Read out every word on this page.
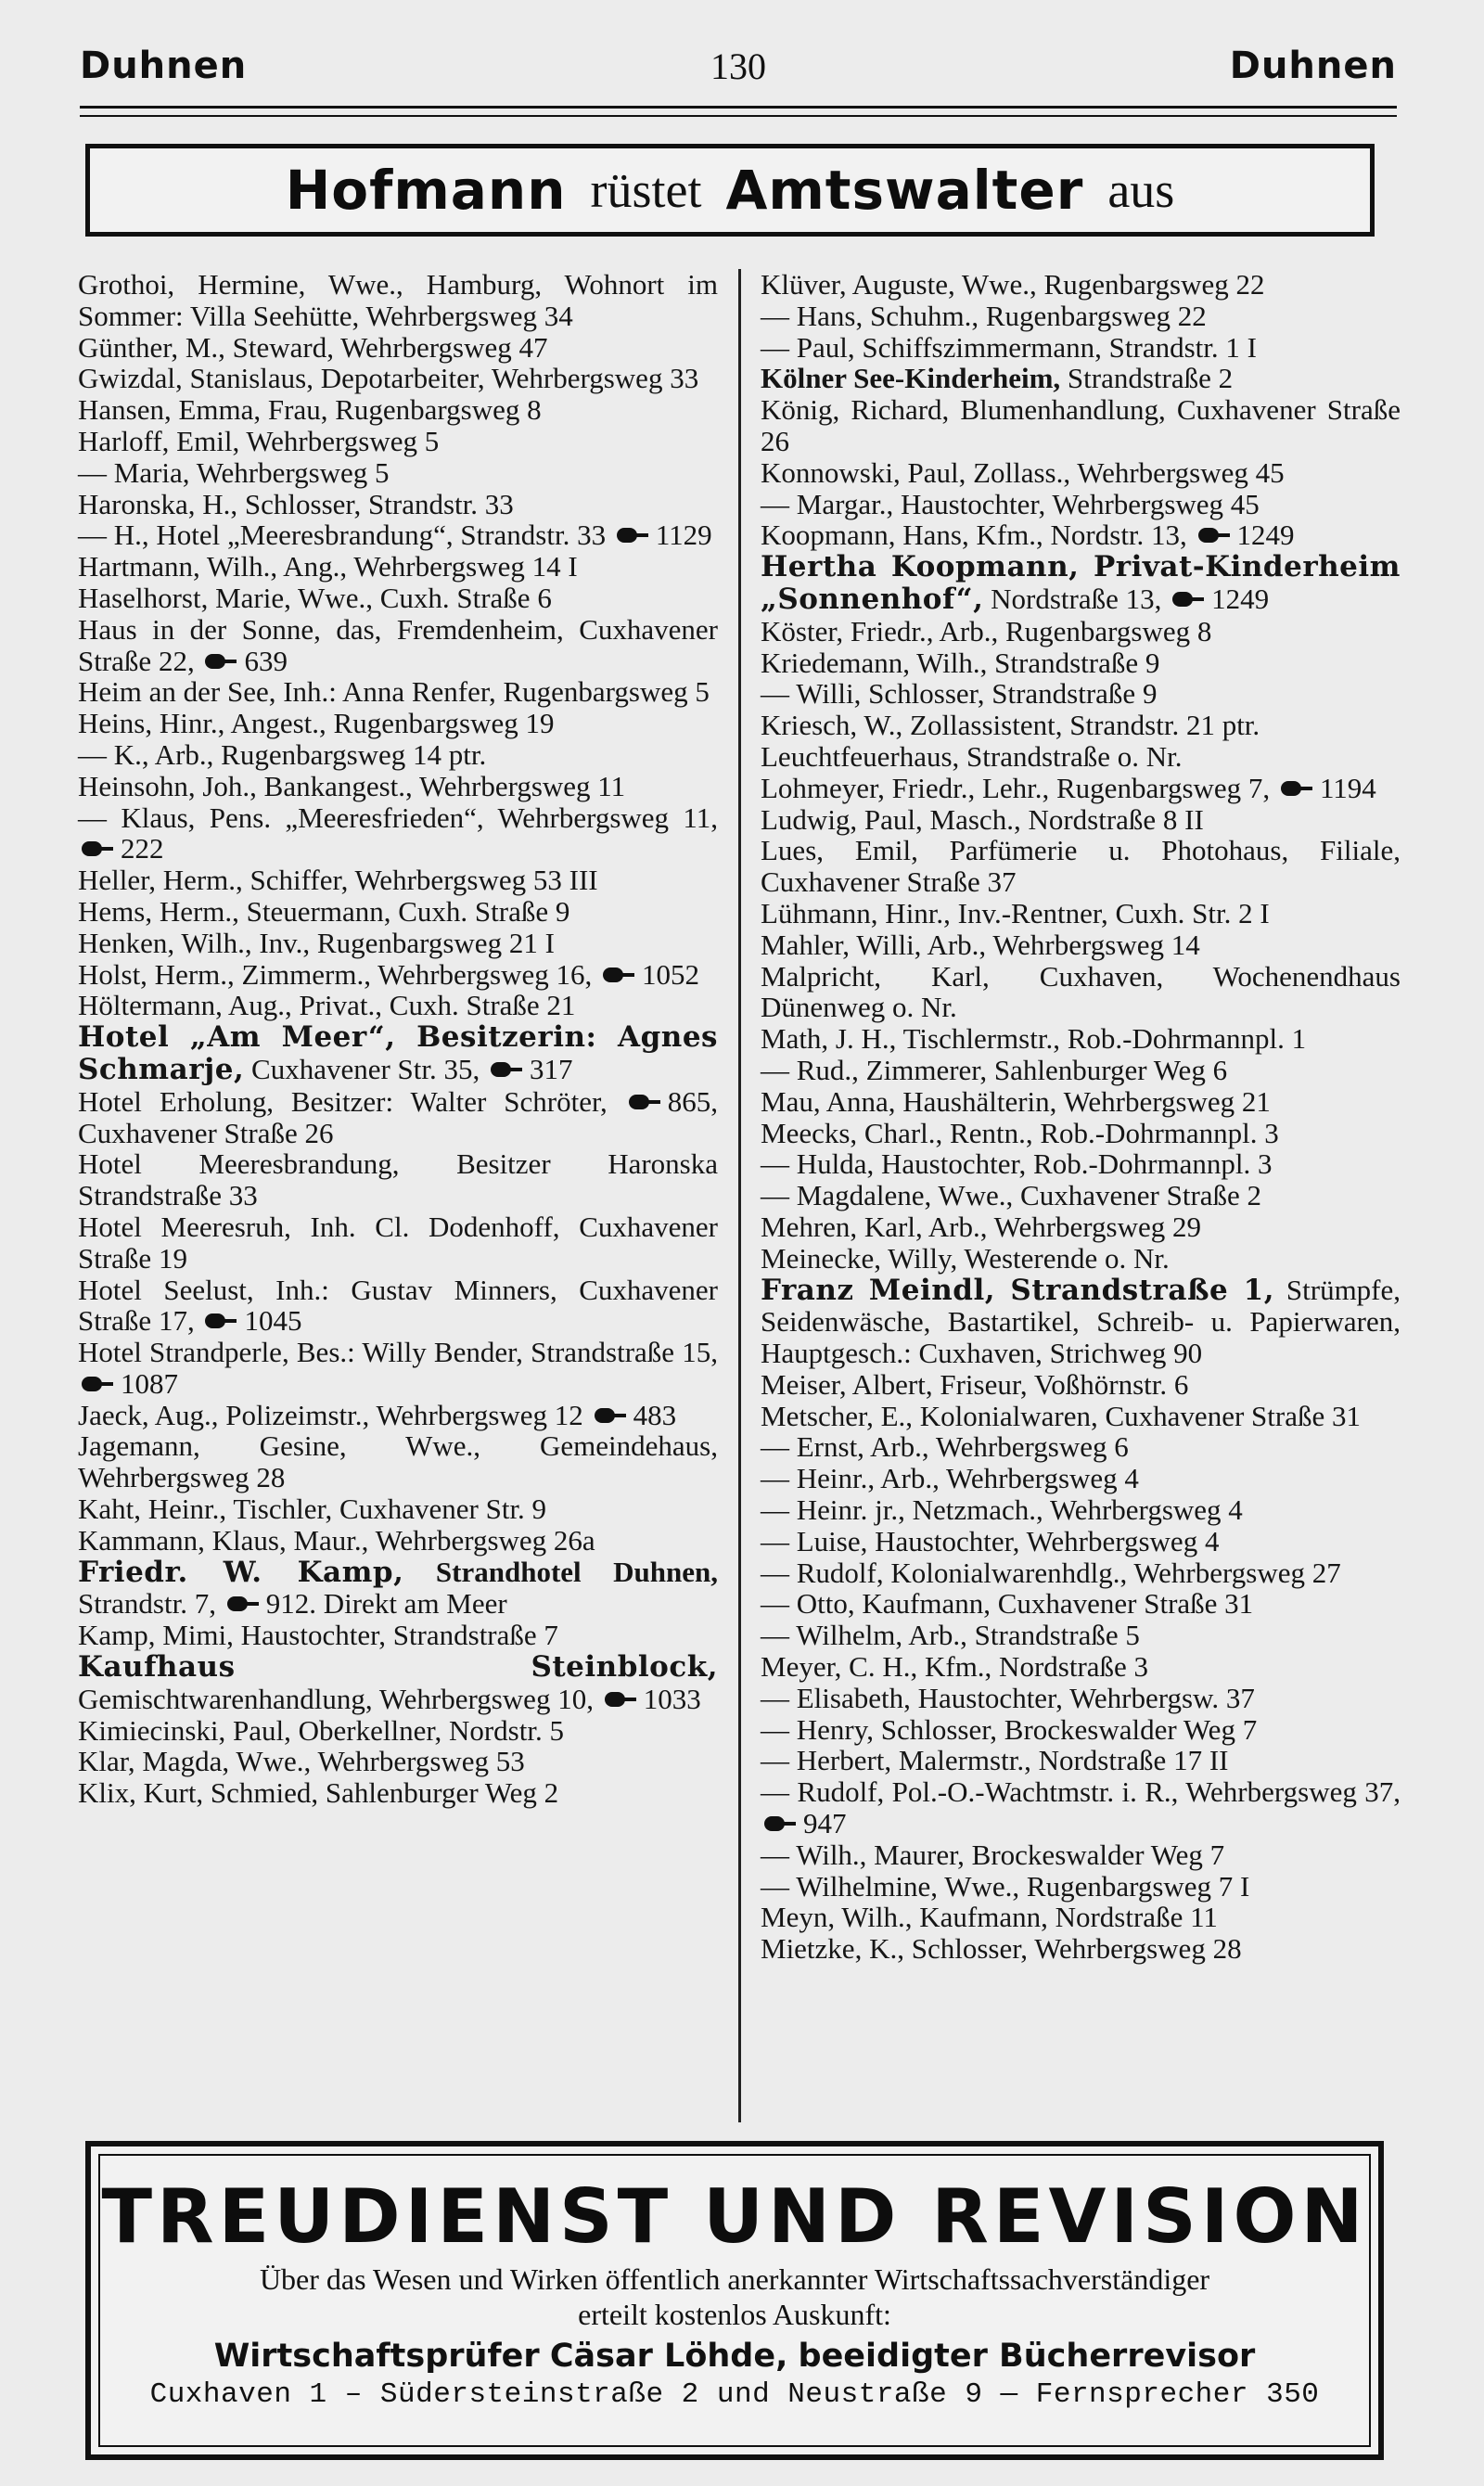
Duhnen	130	Duhnen
Hofmann rüstet Amtswalter aus
Grothoi, Hermine, Wwe., Hamburg, Wohnort im Sommer: Villa Seehütte, Wehrbergsweg 34
Günther, M., Steward, Wehrbergsweg 47
Gwizdal, Stanislaus, Depotarbeiter, Wehrbergsweg 33
Hansen, Emma, Frau, Rugenbargsweg 8
Harloff, Emil, Wehrbergsweg 5
— Maria, Wehrbergsweg 5
Haronska, H., Schlosser, Strandstr. 33
— H., Hotel „Meeresbrandung“, Strandstr. 33 1129
Hartmann, Wilh., Ang., Wehrbergsweg 14 I
Haselhorst, Marie, Wwe., Cuxh. Straße 6
Haus in der Sonne, das, Fremdenheim, Cuxhavener Straße 22, 639
Heim an der See, Inh.: Anna Renfer, Rugenbargsweg 5
Heins, Hinr., Angest., Rugenbargsweg 19
— K., Arb., Rugenbargsweg 14 ptr.
Heinsohn, Joh., Bankangest., Wehrbergsweg 11
— Klaus, Pens. „Meeresfrieden“, Wehrbergsweg 11, 222
Heller, Herm., Schiffer, Wehrbergsweg 53 III
Hems, Herm., Steuermann, Cuxh. Straße 9
Henken, Wilh., Inv., Rugenbargsweg 21 I
Holst, Herm., Zimmerm., Wehrbergsweg 16, 1052
Höltermann, Aug., Privat., Cuxh. Straße 21
Hotel „Am Meer“, Besitzerin: Agnes Schmarje, Cuxhavener Str. 35, 317
Hotel Erholung, Besitzer: Walter Schröter, 865, Cuxhavener Straße 26
Hotel Meeresbrandung, Besitzer Haronska Strandstraße 33
Hotel Meeresruh, Inh. Cl. Dodenhoff, Cuxhavener Straße 19
Hotel Seelust, Inh.: Gustav Minners, Cuxhavener Straße 17, 1045
Hotel Strandperle, Bes.: Willy Bender, Strandstraße 15, 1087
Jaeck, Aug., Polizeimstr., Wehrbergsweg 12 483
Jagemann, Gesine, Wwe., Gemeindehaus, Wehrbergsweg 28
Kaht, Heinr., Tischler, Cuxhavener Str. 9
Kammann, Klaus, Maur., Wehrbergsweg 26a
Friedr. W. Kamp, Strandhotel Duhnen, Strandstr. 7, 912. Direkt am Meer
Kamp, Mimi, Haustochter, Strandstraße 7
Kaufhaus Steinblock, Gemischtwarenhandlung, Wehrbergsweg 10, 1033
Kimiecinski, Paul, Oberkellner, Nordstr. 5
Klar, Magda, Wwe., Wehrbergsweg 53
Klix, Kurt, Schmied, Sahlenburger Weg 2
Klüver, Auguste, Wwe., Rugenbargsweg 22
— Hans, Schuhm., Rugenbargsweg 22
— Paul, Schiffszimmermann, Strandstr. 1 I
Kölner See-Kinderheim, Strandstraße 2
König, Richard, Blumenhandlung, Cuxhavener Straße 26
Konnowski, Paul, Zollass., Wehrbergsweg 45
— Margar., Haustochter, Wehrbergsweg 45
Koopmann, Hans, Kfm., Nordstr. 13, 1249
Hertha Koopmann, Privat-Kinderheim „Sonnenhof“, Nordstraße 13, 1249
Köster, Friedr., Arb., Rugenbargsweg 8
Kriedemann, Wilh., Strandstraße 9
— Willi, Schlosser, Strandstraße 9
Kriesch, W., Zollassistent, Strandstr. 21 ptr.
Leuchtfeuerhaus, Strandstraße o. Nr.
Lohmeyer, Friedr., Lehr., Rugenbargsweg 7, 1194
Ludwig, Paul, Masch., Nordstraße 8 II
Lues, Emil, Parfümerie u. Photohaus, Filiale, Cuxhavener Straße 37
Lühmann, Hinr., Inv.-Rentner, Cuxh. Str. 2 I
Mahler, Willi, Arb., Wehrbergsweg 14
Malpricht, Karl, Cuxhaven, Wochenendhaus Dünenweg o. Nr.
Math, J. H., Tischlermstr., Rob.-Dohrmannpl. 1
— Rud., Zimmerer, Sahlenburger Weg 6
Mau, Anna, Haushälterin, Wehrbergsweg 21
Meecks, Charl., Rentn., Rob.-Dohrmannpl. 3
— Hulda, Haustochter, Rob.-Dohrmannpl. 3
— Magdalene, Wwe., Cuxhavener Straße 2
Mehren, Karl, Arb., Wehrbergsweg 29
Meinecke, Willy, Westerende o. Nr.
Franz Meindl, Strandstraße 1, Strümpfe, Seidenwäsche, Bastartikel, Schreib- u. Papierwaren, Hauptgesch.: Cuxhaven, Strichweg 90
Meiser, Albert, Friseur, Voßhörnstr. 6
Metscher, E., Kolonialwaren, Cuxhavener Straße 31
— Ernst, Arb., Wehrbergsweg 6
— Heinr., Arb., Wehrbergsweg 4
— Heinr. jr., Netzmach., Wehrbergsweg 4
— Luise, Haustochter, Wehrbergsweg 4
— Rudolf, Kolonialwarenhdlg., Wehrbergsweg 27
— Otto, Kaufmann, Cuxhavener Straße 31
— Wilhelm, Arb., Strandstraße 5
Meyer, C. H., Kfm., Nordstraße 3
— Elisabeth, Haustochter, Wehrbergsw. 37
— Henry, Schlosser, Brockeswalder Weg 7
— Herbert, Malermstr., Nordstraße 17 II
— Rudolf, Pol.-O.-Wachtmstr. i. R., Wehrbergsweg 37, 947
— Wilh., Maurer, Brockeswalder Weg 7
— Wilhelmine, Wwe., Rugenbargsweg 7 I
Meyn, Wilh., Kaufmann, Nordstraße 11
Mietzke, K., Schlosser, Wehrbergsweg 28
TREUDIENST UND REVISION
Über das Wesen und Wirken öffentlich anerkannter Wirtschaftssachverständiger
erteilt kostenlos Auskunft:
Wirtschaftsprüfer Cäsar Löhde, beeidigter Bücherrevisor
Cuxhaven 1 – Südersteinstraße 2 und Neustraße 9 — Fernsprecher 350
